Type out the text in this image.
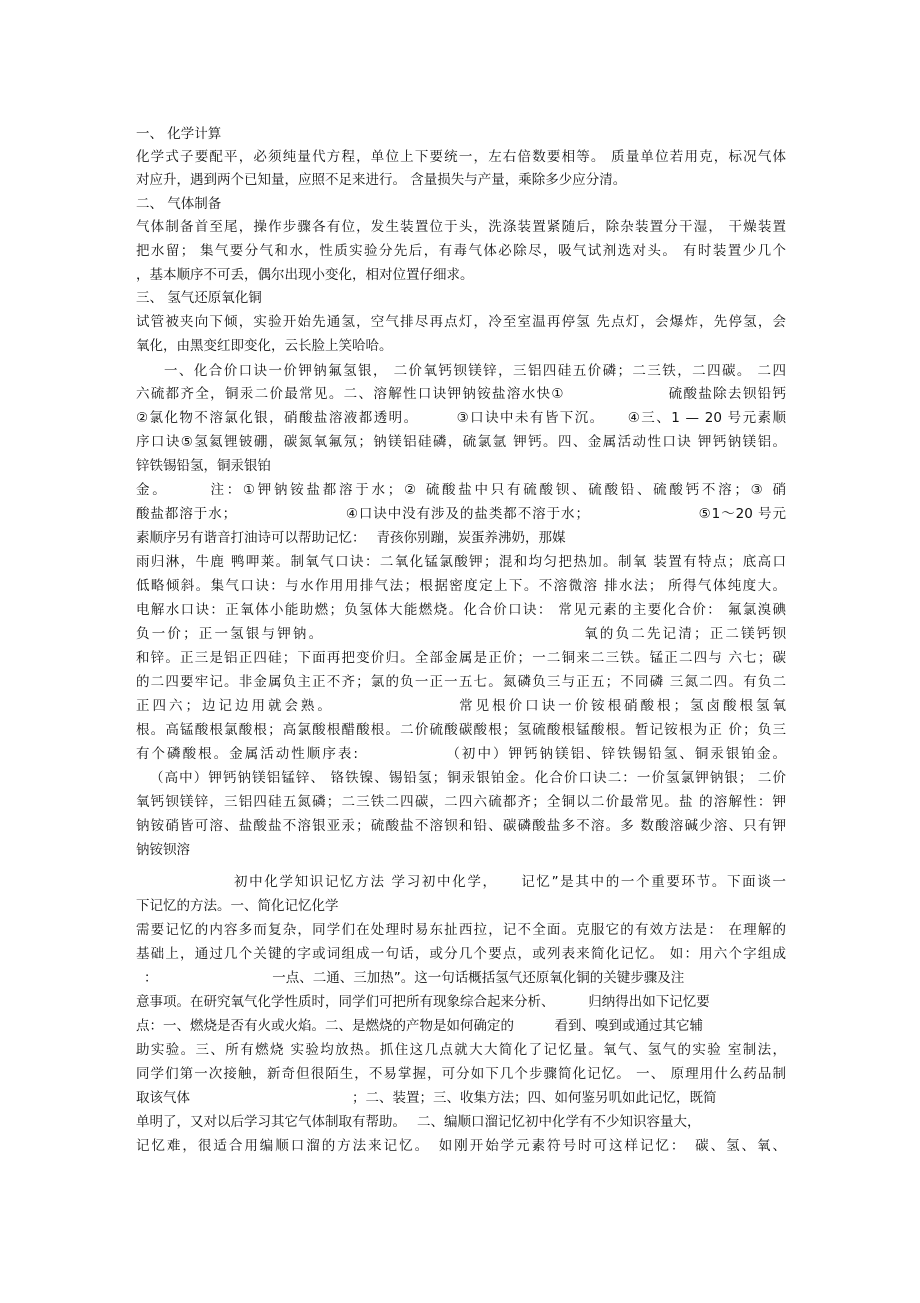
一、 化学计算
化学式子要配平，必须纯量代方程，单位上下要统一，左右倍数要相等。 质量单位若用克，标况气体
对应升，遇到两个已知量，应照不足来进行。 含量损失与产量，乘除多少应分清。
二、 气体制备
气体制备首至尾，操作步骤各有位，发生装置位于头，洗涤装置紧随后，除杂装置分干湿， 干燥装置
把水留； 集气要分气和水，性质实验分先后，有毒气体必除尽，吸气试剂选对头。 有时装置少几个
，基本顺序不可丢，偶尔出现小变化，相对位置仔细求。
三、 氢气还原氧化铜
试管被夹向下倾，实验开始先通氢，空气排尽再点灯，冷至室温再停氢 先点灯，会爆炸，先停氢，会
氧化，由黑变红即变化，云长脸上笑哈哈。
一、化合价口诀一价钾钠氟氢银， 二价氧钙钡镁锌，三铝四硅五价磷；二三铁，二四碳。 二四
六硫都齐全，铜汞二价最常见。二、溶解性口诀钾钠铵盐溶水快①　　　　　　　硫酸盐除去钡铅钙
②氯化物不溶氯化银，硝酸盐溶液都透明。　　　③口诀中未有皆下沉。　　④三、1 — 20 号元素顺
序口诀⑤氢氦锂铍硼，碳氮氧氟氖；钠镁铝硅磷，硫氯氩 钾钙。四、金属活动性口诀 钾钙钠镁铝。
锌铁锡铅氢，铜汞银铂
金。　　　注：①钾钠铵盐都溶于水；② 硫酸盐中只有硫酸钡、硫酸铅、硫酸钙不溶；③ 硝
酸盐都溶于水；　　　　　　　　④口诀中没有涉及的盐类都不溶于水；　　　　　　　　⑤1～20 号元
素顺序另有谐音打油诗可以帮助记忆：　 青孩你别蹦，炭蛋养沸奶，那媒
雨归淋，牛鹿 鸭呷莱。制氧气口诀：二氧化锰氯酸钾；混和均匀把热加。制氧 装置有特点；底高口
低略倾斜。集气口诀：与水作用用排气法；根据密度定上下。不溶微溶 排水法； 所得气体纯度大。
电解水口诀：正氧体小能助燃；负氢体大能燃烧。化合价口诀： 常见元素的主要化合价： 氟氯溴碘
负一价；正一氢银与钾钠。　　　　　　　　　　　　　　　　　氧的负二先记清；正二镁钙钡
和锌。正三是铝正四硅；下面再把变价归。全部金属是正价；一二铜来二三铁。锰正二四与 六七；碳
的二四要牢记。非金属负主正不齐；氯的负一正一五七。氮磷负三与正五；不同磷 三氮二四。有负二
正四六；边记边用就会熟。　　　　　　　　常见根价口诀一价铵根硝酸根；氢卤酸根氢氧
根。高锰酸根氯酸根；高氯酸根醋酸根。二价硫酸碳酸根；氢硫酸根锰酸根。暂记铵根为正 价；负三
有个磷酸根。金属活动性顺序表:　　　　　　（初中）钾钙钠镁铝、锌铁锡铅氢、铜汞银铂金。
（高中）钾钙钠镁铝锰锌、 铬铁镍、锡铅氢；铜汞银铂金。化合价口诀二：一价氢氯钾钠银； 二价
氧钙钡镁锌，三铝四硅五氮磷；二三铁二四碳，二四六硫都齐；全铜以二价最常见。盐 的溶解性：钾
钠铵硝皆可溶、盐酸盐不溶银亚汞；硫酸盐不溶钡和铅、碳磷酸盐多不溶。多 数酸溶碱少溶、只有钾
钠铵钡溶
初中化学知识记忆方法 学习初中化学，　　记忆”是其中的一个重要环节。下面谈一
下记忆的方法。一、简化记忆化学
需要记忆的内容多而复杂，同学们在处理时易东扯西拉，记不全面。克服它的有效方法是： 在理解的
基础上，通过几个关键的字或词组成一句话，或分几个要点，或列表来简化记忆。 如：用六个字组成
：　　　　　　　　　一点、二通、三加热”。这一句话概括氢气还原氧化铜的关键步骤及注
意事项。在研究氧气化学性质时，同学们可把所有现象综合起来分析、　　　归纳得出如下记忆要
点：一、燃烧是否有火或火焰。二、是燃烧的产物是如何确定的　　　看到、嗅到或通过其它辅
助实验。三、所有燃烧 实验均放热。抓住这几点就大大简化了记忆量。氧气、氢气的实验 室制法，
同学们第一次接触，新奇但很陌生，不易掌握，可分如下几个步骤简化记忆。 一、 原理用什么药品制
取该气体　　　　　　　　　　　　；二、装置；三、收集方法；四、如何鉴另叽如此记忆，既简
单明了，又对以后学习其它气体制取有帮助。　 二、编顺口溜记忆初中化学有不少知识容量大，
记忆难，很适合用编顺口溜的方法来记忆。　如刚开始学元素符号时可这样记忆：　碳、氢、氧、
